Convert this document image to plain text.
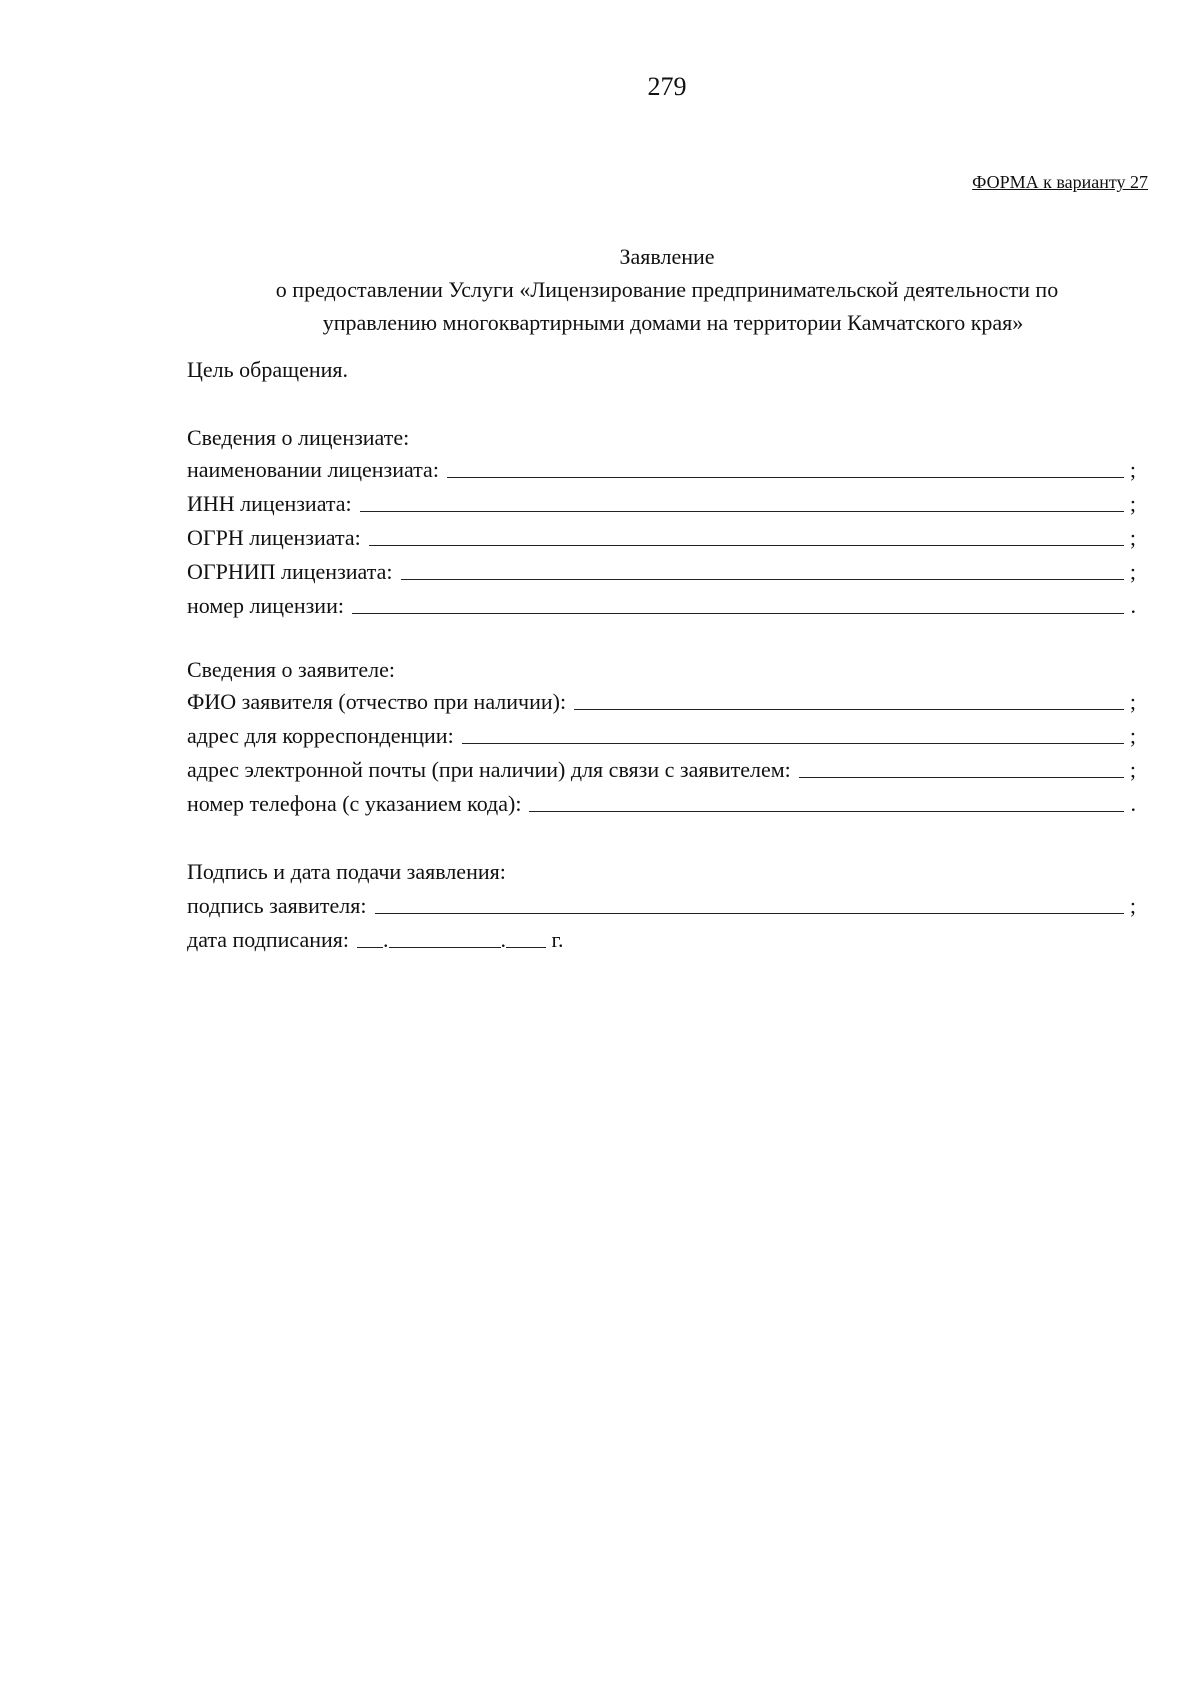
279
ФОРМА к варианту 27
Заявление
о предоставлении Услуги «Лицензирование предпринимательской деятельности по
управлению многоквартирными домами на территории Камчатского края»
Цель обращения.
Сведения о лицензиате:
наименовании лицензиата:	;
ИНН лицензиата:	;
ОГРН лицензиата:	;
ОГРНИП лицензиата:	;
номер лицензии:	.
Сведения о заявителе:
ФИО заявителя (отчество при наличии):	;
адрес для корреспонденции:	;
адрес электронной почты (при наличии) для связи с заявителем:	;
номер телефона (с указанием кода):	.
Подпись и дата подачи заявления:
подпись заявителя:	;
дата подписания:	.	. г.
